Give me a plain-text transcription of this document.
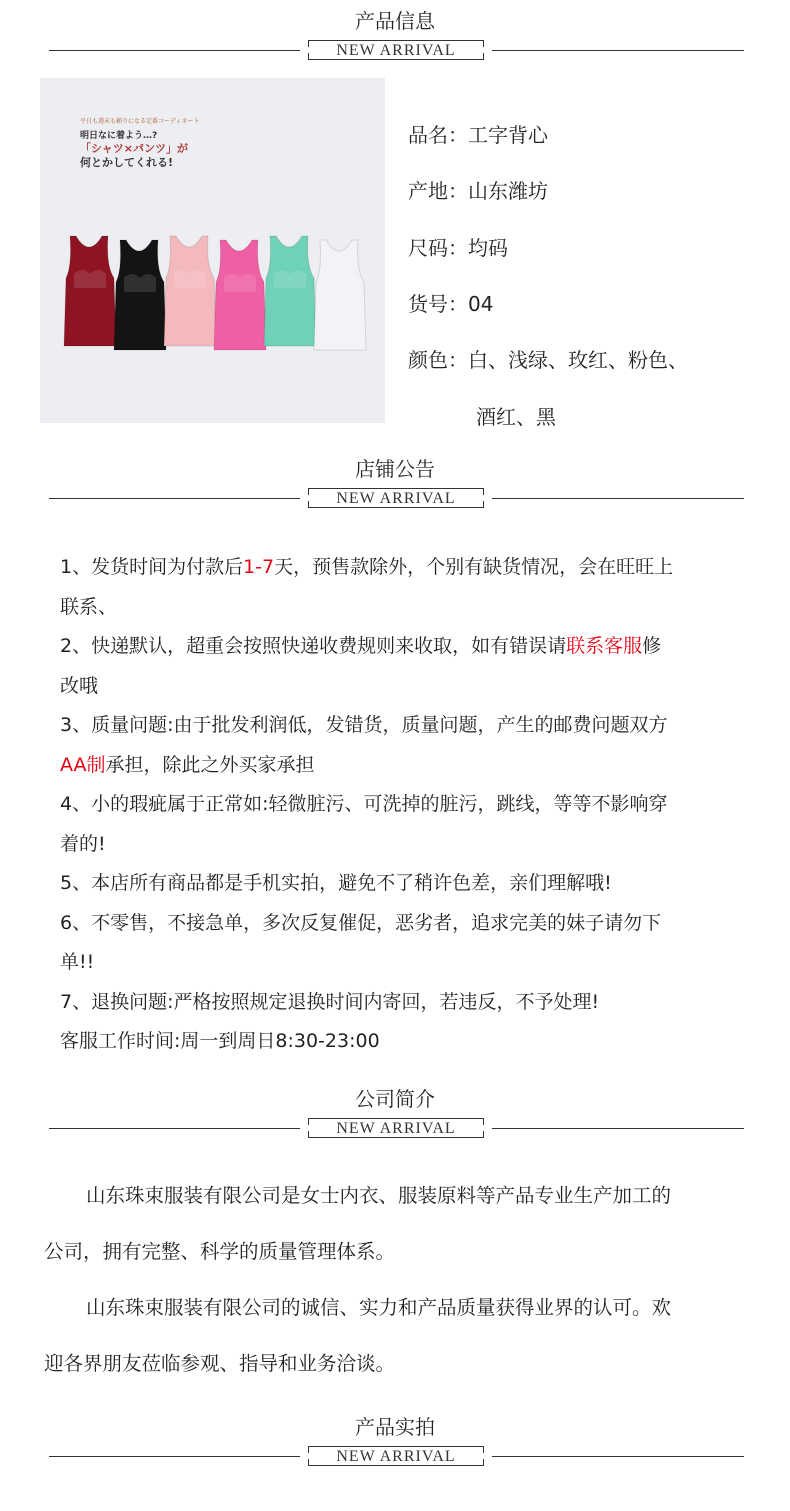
产品信息
NEW ARRIVAL
平日も週末も頼りになる定番コーディネート
明日なに着よう…?
「シャツ×パンツ」が
何とかしてくれる!
品名：工字背心
产地：山东潍坊
尺码：均码
货号：04
颜色：白、浅绿、玫红、粉色、
酒红、黑
店铺公告
NEW ARRIVAL

1、发货时间为付款后1-7天，预售款除外，个别有缺货情况，会在旺旺上

联系、

2、快递默认，超重会按照快递收费规则来收取，如有错误请联系客服修

改哦

3、质量问题:由于批发利润低，发错货，质量问题，产生的邮费问题双方

AA制承担，除此之外买家承担

4、小的瑕疵属于正常如:轻微脏污、可洗掉的脏污，跳线，等等不影响穿

着的!

5、本店所有商品都是手机实拍，避免不了稍许色差，亲们理解哦!

6、不零售，不接急单，多次反复催促，恶劣者，追求完美的妹子请勿下

单!!

7、退换问题:严格按照规定退换时间内寄回，若违反，不予处理!

客服工作时间:周一到周日8:30-23:00

公司简介
NEW ARRIVAL

山东珠束服装有限公司是女士内衣、服装原料等产品专业生产加工的
公司，拥有完整、科学的质量管理体系。

山东珠束服装有限公司的诚信、实力和产品质量获得业界的认可。欢
迎各界朋友莅临参观、指导和业务洽谈。

产品实拍
NEW ARRIVAL
